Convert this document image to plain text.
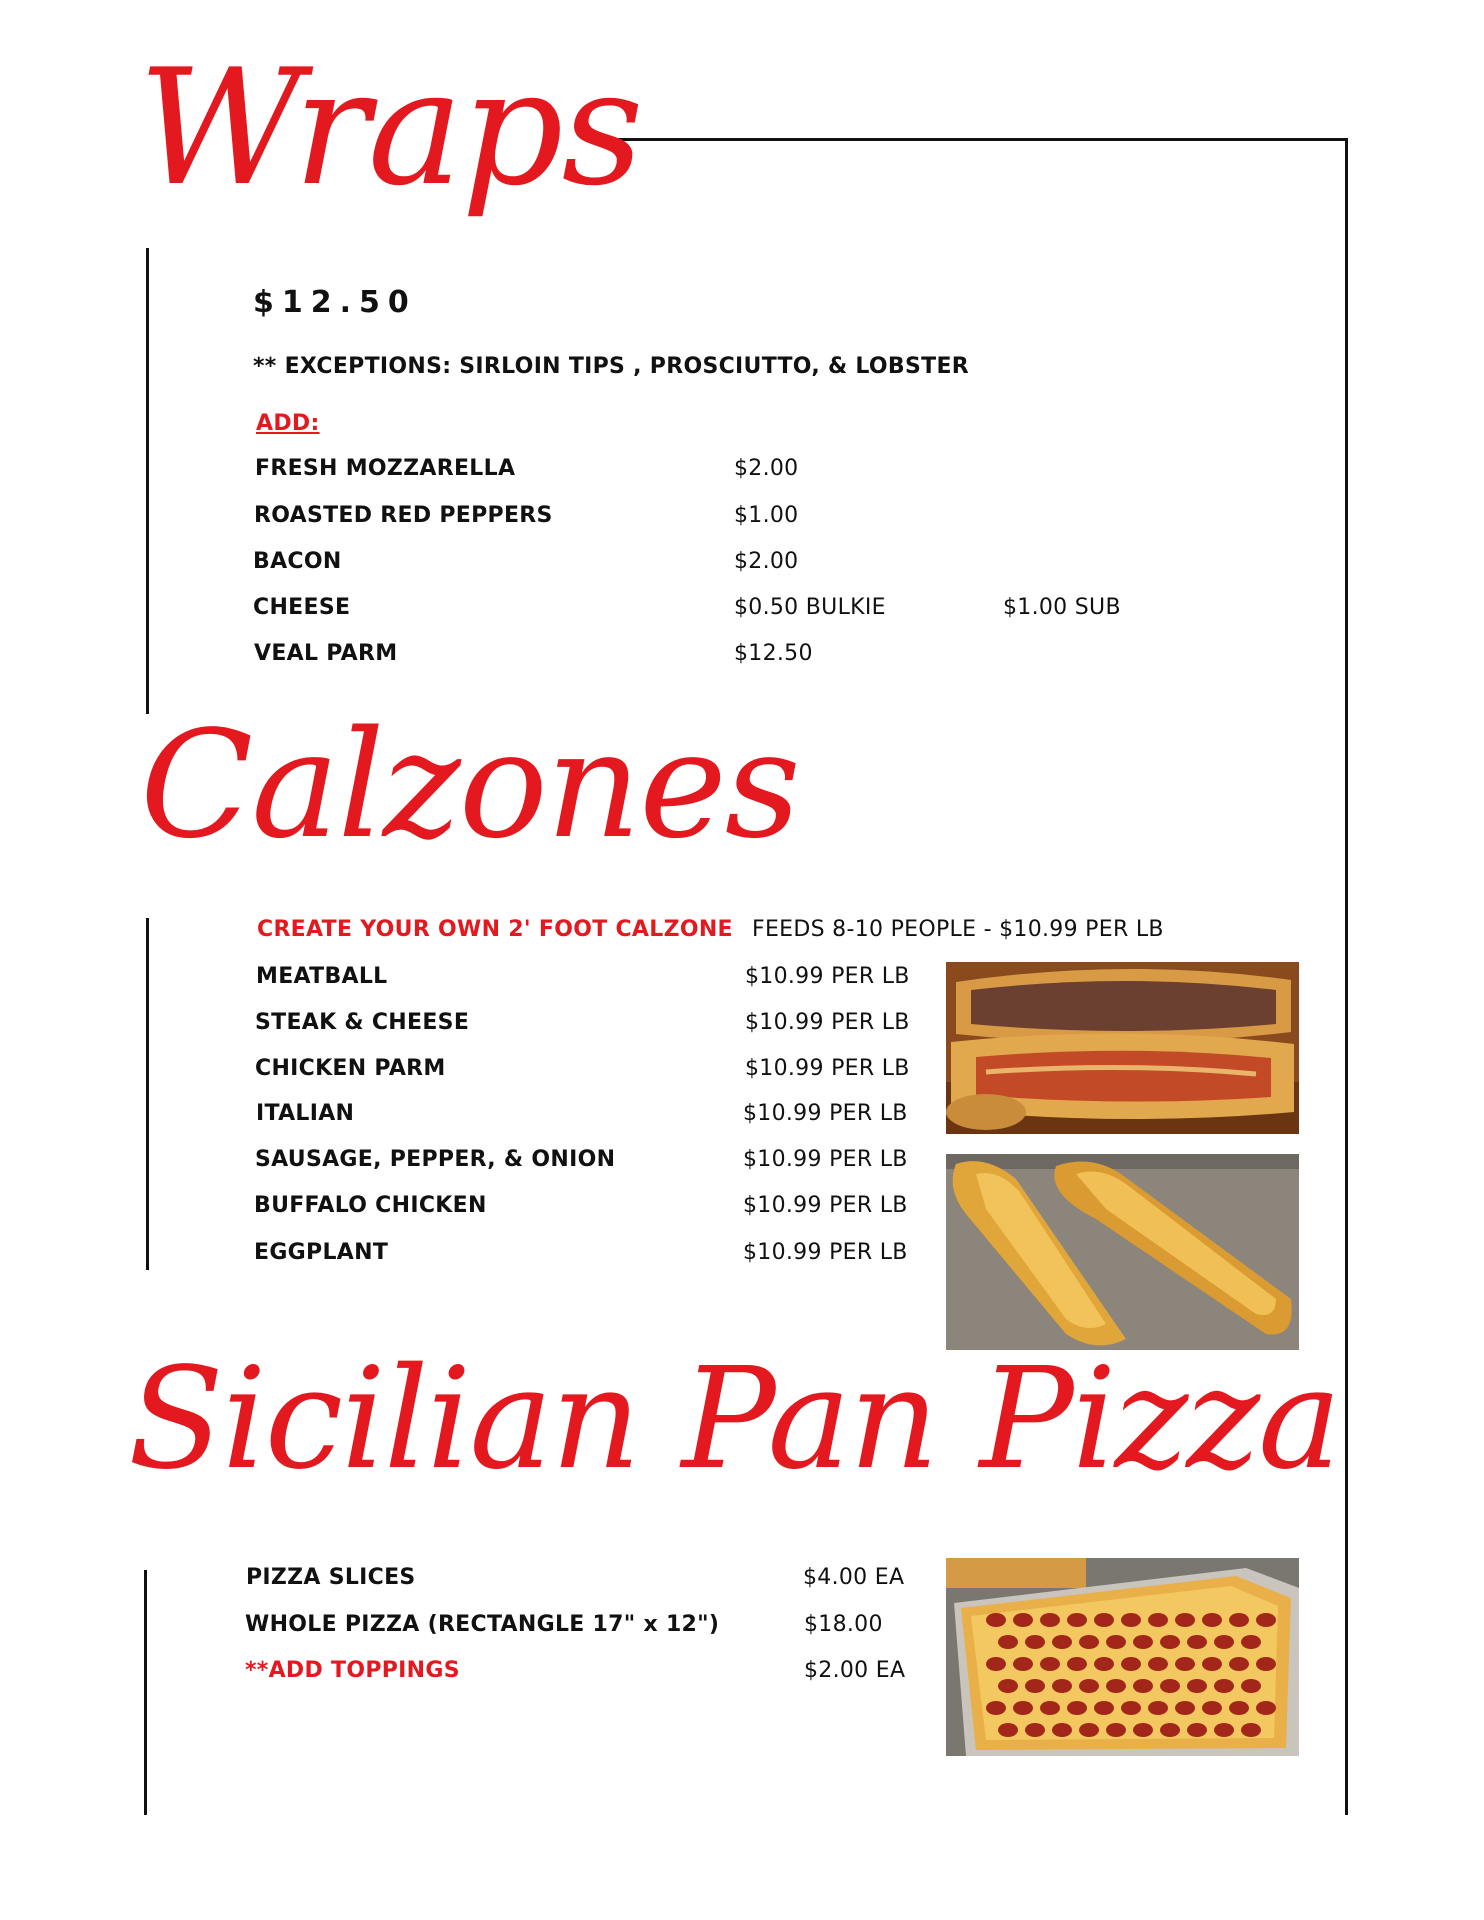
Wraps
$12.50
** EXCEPTIONS: SIRLOIN TIPS , PROSCIUTTO, & LOBSTER
ADD:
FRESH MOZZARELLA	$2.00
ROASTED RED PEPPERS	$1.00
BACON	$2.00
CHEESE	$0.50 BULKIE	$1.00 SUB
VEAL PARM	$12.50
Calzones
CREATE YOUR OWN 2' FOOT CALZONE FEEDS 8-10 PEOPLE - $10.99 PER LB
MEATBALL	$10.99 PER LB
STEAK & CHEESE	$10.99 PER LB
CHICKEN PARM	$10.99 PER LB
ITALIAN	$10.99 PER LB
SAUSAGE, PEPPER, & ONION	$10.99 PER LB
BUFFALO CHICKEN	$10.99 PER LB
EGGPLANT	$10.99 PER LB
Sicilian Pan Pizza
PIZZA SLICES	$4.00 EA
WHOLE PIZZA (RECTANGLE 17" x 12")	$18.00
**ADD TOPPINGS	$2.00 EA
